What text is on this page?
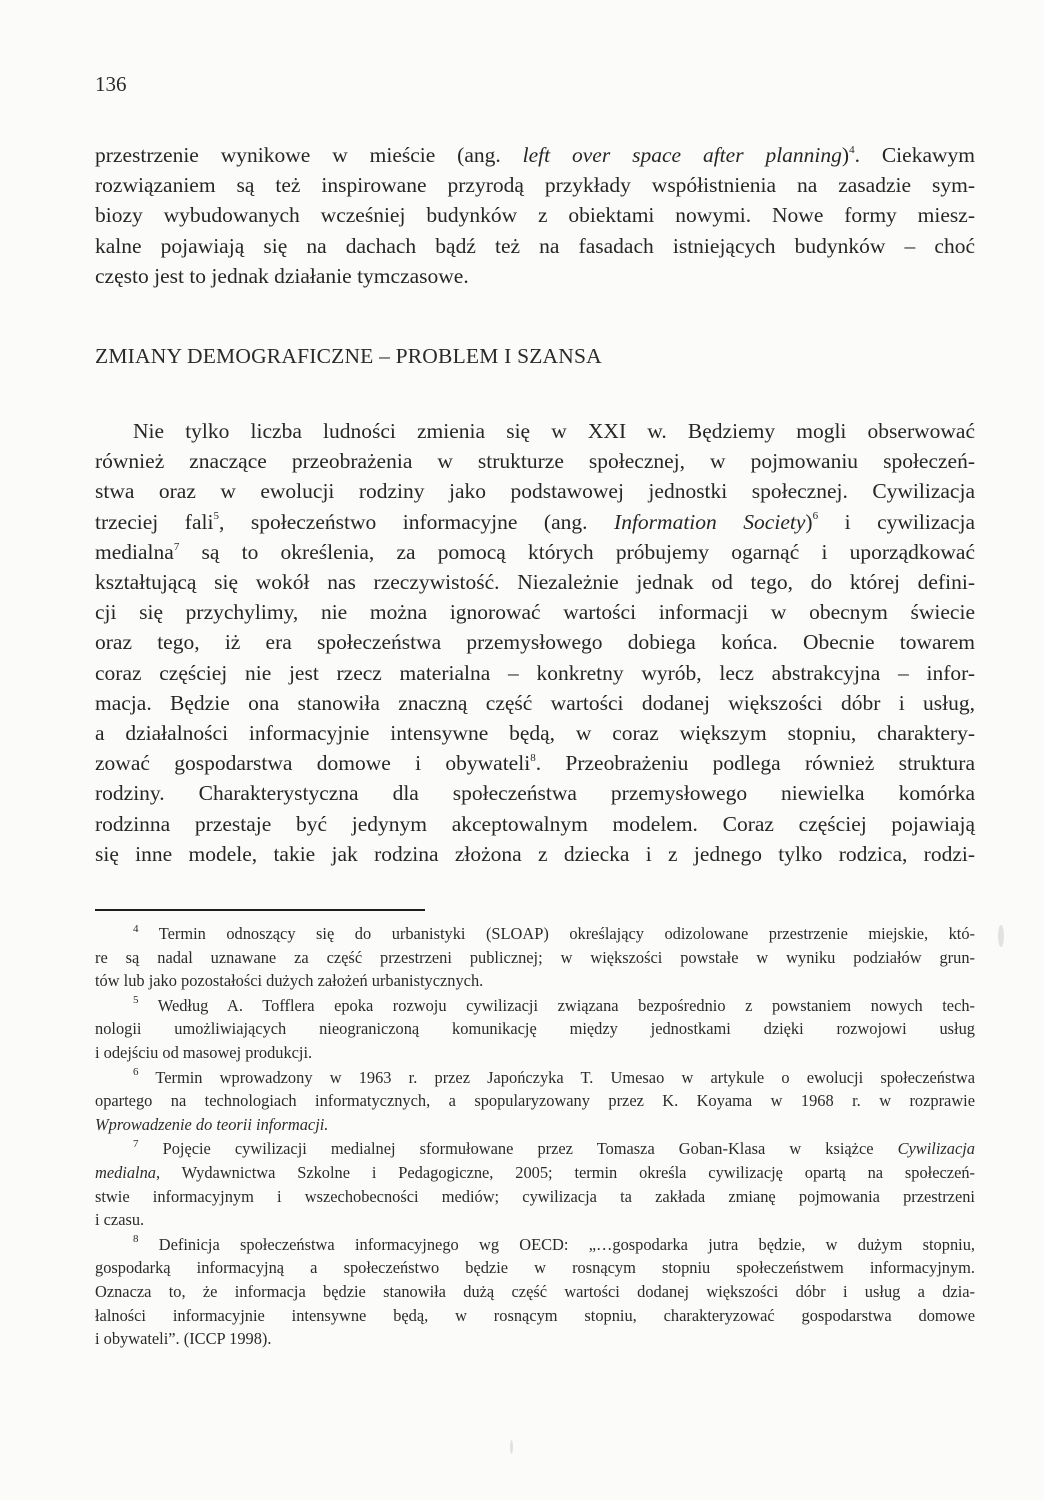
136
przestrzenie wynikowe w mieście (ang. left over space after planning)$^4$. Ciekawym
rozwiązaniem są też inspirowane przyrodą przykłady współistnienia na zasadzie sym-
biozy wybudowanych wcześniej budynków z obiektami nowymi. Nowe formy miesz-
kalne pojawiają się na dachach bądź też na fasadach istniejących budynków – choć
często jest to jednak działanie tymczasowe.
ZMIANY DEMOGRAFICZNE – PROBLEM I SZANSA
Nie tylko liczba ludności zmienia się w XXI w. Będziemy mogli obserwować
również znaczące przeobrażenia w strukturze społecznej, w pojmowaniu społeczeń-
stwa oraz w ewolucji rodziny jako podstawowej jednostki społecznej. Cywilizacja
trzeciej fali$^5$, społeczeństwo informacyjne (ang. Information Society)$^6$ i cywilizacja
medialna$^7$ są to określenia, za pomocą których próbujemy ogarnąć i uporządkować
kształtującą się wokół nas rzeczywistość. Niezależnie jednak od tego, do której defini-
cji się przychylimy, nie można ignorować wartości informacji w obecnym świecie
oraz tego, iż era społeczeństwa przemysłowego dobiega końca. Obecnie towarem
coraz częściej nie jest rzecz materialna – konkretny wyrób, lecz abstrakcyjna – infor-
macja. Będzie ona stanowiła znaczną część wartości dodanej większości dóbr i usług,
a działalności informacyjnie intensywne będą, w coraz większym stopniu, charaktery-
zować gospodarstwa domowe i obywateli$^8$. Przeobrażeniu podlega również struktura
rodziny. Charakterystyczna dla społeczeństwa przemysłowego niewielka komórka
rodzinna przestaje być jedynym akceptowalnym modelem. Coraz częściej pojawiają
się inne modele, takie jak rodzina złożona z dziecka i z jednego tylko rodzica, rodzi-
$^4$ Termin odnoszący się do urbanistyki (SLOAP) określający odizolowane przestrzenie miejskie, któ-
re są nadal uznawane za część przestrzeni publicznej; w większości powstałe w wyniku podziałów grun-
tów lub jako pozostałości dużych założeń urbanistycznych.
$^5$ Według A. Tofflera epoka rozwoju cywilizacji związana bezpośrednio z powstaniem nowych tech-
nologii umożliwiających nieograniczoną komunikację między jednostkami dzięki rozwojowi usług
i odejściu od masowej produkcji.
$^6$ Termin wprowadzony w 1963 r. przez Japończyka T. Umesao w artykule o ewolucji społeczeństwa
opartego na technologiach informatycznych, a spopularyzowany przez K. Koyama w 1968 r. w rozprawie
Wprowadzenie do teorii informacji.
$^7$ Pojęcie cywilizacji medialnej sformułowane przez Tomasza Goban-Klasa w książce Cywilizacja
medialna, Wydawnictwa Szkolne i Pedagogiczne, 2005; termin określa cywilizację opartą na społeczeń-
stwie informacyjnym i wszechobecności mediów; cywilizacja ta zakłada zmianę pojmowania przestrzeni
i czasu.
$^8$ Definicja społeczeństwa informacyjnego wg OECD: „…gospodarka jutra będzie, w dużym stopniu,
gospodarką informacyjną a społeczeństwo będzie w rosnącym stopniu społeczeństwem informacyjnym.
Oznacza to, że informacja będzie stanowiła dużą część wartości dodanej większości dóbr i usług a dzia-
łalności informacyjnie intensywne będą, w rosnącym stopniu, charakteryzować gospodarstwa domowe
i obywateli”. (ICCP 1998).
